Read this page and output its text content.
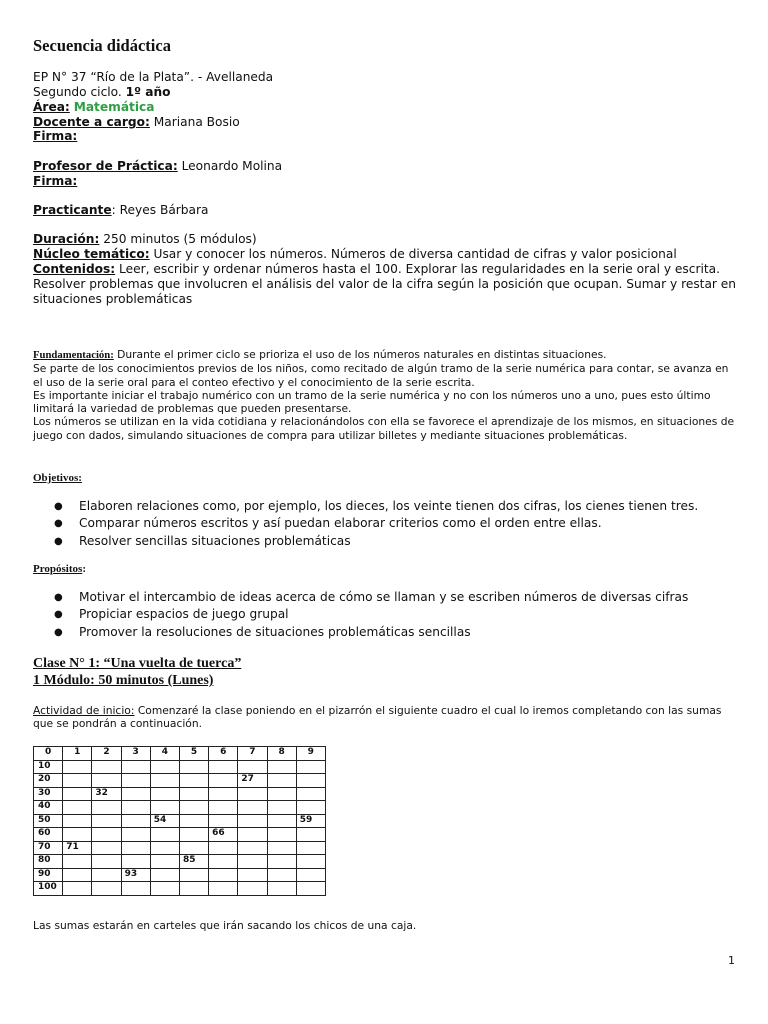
Secuencia didáctica
EP N° 37 “Río de la Plata”. - Avellaneda
Segundo ciclo. 1º año
Área: Matemática
Docente a cargo: Mariana Bosio
Firma:
Profesor de Práctica: Leonardo Molina
Firma:
Practicante: Reyes Bárbara
Duración: 250 minutos (5 módulos)
Núcleo temático: Usar y conocer los números. Números de diversa cantidad de cifras y valor posicional
Contenidos: Leer, escribir y ordenar números hasta el 100. Explorar las regularidades en la serie oral y escrita. Resolver problemas que involucren el análisis del valor de la cifra según la posición que ocupan. Sumar y restar en situaciones problemáticas
Fundamentación: Durante el primer ciclo se prioriza el uso de los números naturales en distintas situaciones.
Se parte de los conocimientos previos de los niños, como recitado de algún tramo de la serie numérica para contar, se avanza en el uso de la serie oral para el conteo efectivo y el conocimiento de la serie escrita.
Es importante iniciar el trabajo numérico con un tramo de la serie numérica y no con los números uno a uno, pues esto último limitará la variedad de problemas que pueden presentarse.
Los números se utilizan en la vida cotidiana y relacionándolos con ella se favorece el aprendizaje de los mismos, en situaciones de juego con dados, simulando situaciones de compra para utilizar billetes y mediante situaciones problemáticas.
Objetivos:
● Elaboren relaciones como, por ejemplo, los dieces, los veinte tienen dos cifras, los cienes tienen tres.
● Comparar números escritos y así puedan elaborar criterios como el orden entre ellas.
● Resolver sencillas situaciones problemáticas
Propósitos:
● Motivar el intercambio de ideas acerca de cómo se llaman y se escriben números de diversas cifras
● Propiciar espacios de juego grupal
● Promover la resoluciones de situaciones problemáticas sencillas
Clase N° 1: “Una vuelta de tuerca”
1 Módulo: 50 minutos (Lunes)
Actividad de inicio: Comenzaré la clase poniendo en el pizarrón el siguiente cuadro el cual lo iremos completando con las sumas que se pondrán a continuación.
0	1	2	3	4	5	6	7	8	9
10									
20							27		
30		32							
40									
50				54					59
60						66			
70	71								
80					85				
90			93						
100									
Las sumas estarán en carteles que irán sacando los chicos de una caja.
1
